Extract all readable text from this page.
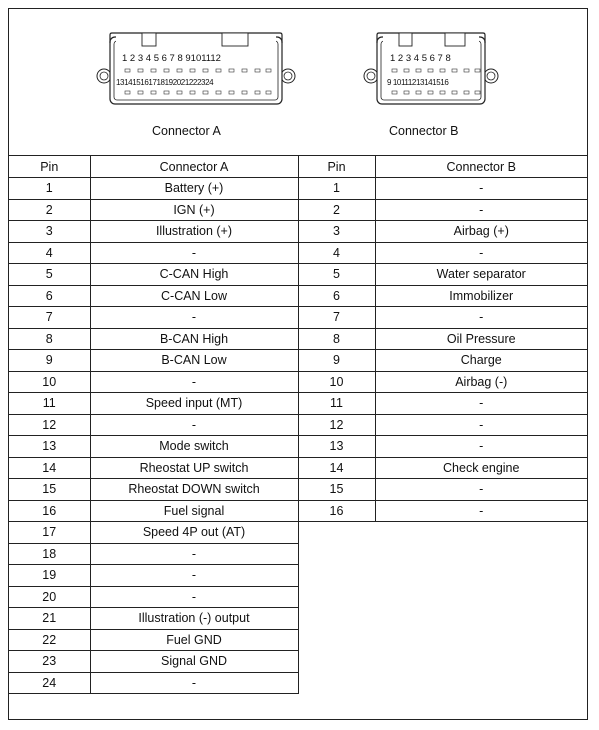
1 2 3 4 5 6 7 8 9101112
131415161718192021222324
Connector A
1 2 3 4 5 6 7 8
9 10111213141516
Connector B
Pin	Connector A	Pin	Connector B
1	Battery (+)	1	-
2	IGN (+)	2	-
3	Illustration (+)	3	Airbag (+)
4	-	4	-
5	C-CAN High	5	Water separator
6	C-CAN Low	6	Immobilizer
7	-	7	-
8	B-CAN High	8	Oil Pressure
9	B-CAN Low	9	Charge
10	-	10	Airbag (-)
11	Speed input (MT)	11	-
12	-	12	-
13	Mode switch	13	-
14	Rheostat UP switch	14	Check engine
15	Rheostat DOWN switch	15	-
16	Fuel signal	16	-
17	Speed 4P out (AT)		
18	-		
19	-		
20	-		
21	Illustration (-) output		
22	Fuel GND		
23	Signal GND		
24	-		
